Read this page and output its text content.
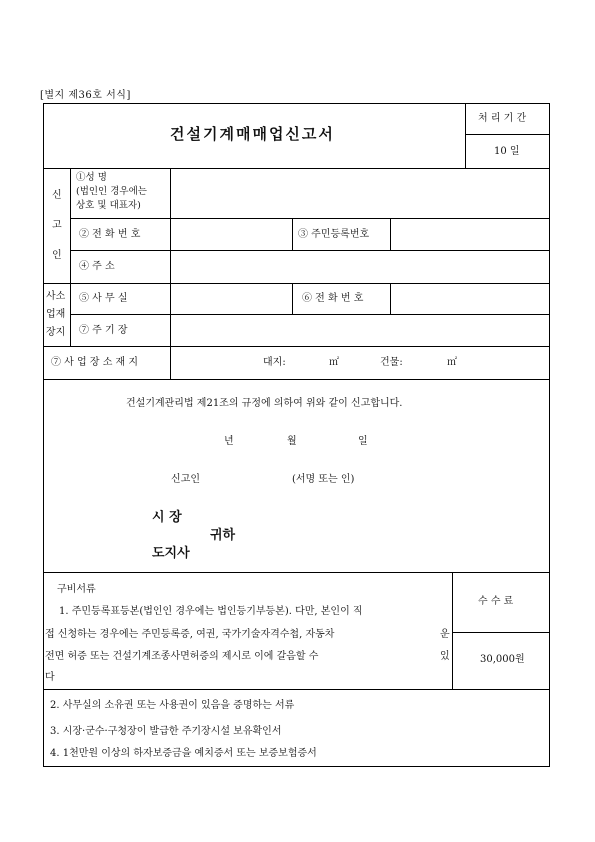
[별지 제36호 서식]
건설기계매매업신고서
처 리 기 간
10 일
신
고
인
①성 명
(법인인 경우에는
상호 및 대표자)
② 전 화 번 호	③ 주민등록번호
④ 주 소
사소
업재
장지
⑤ 사 무 실	⑥ 전 화 번 호
⑦ 주 기 장
⑦ 사 업 장 소 재 지	대지:	㎡	건물:	㎡
건설기계관리법 제21조의 규정에 의하여 위와 같이 신고합니다.
년	월	일
신고인	(서명 또는 인)
시 장
귀하
도지사
구비서류
1. 주민등록표등본(법인인 경우에는 법인등기부등본). 다만, 본인이 직
접 신청하는 경우에는 주민등록증, 여권, 국가기술자격수첩, 자동차	운
전면 허증 또는 건설기계조종사면허증의 제시로 이에 갈음할 수	있
다
2. 사무실의 소유권 또는 사용권이 있음을 증명하는 서류
3. 시장·군수·구청장이 발급한 주기장시설 보유확인서
4. 1천만원 이상의 하자보증금을 예치증서 또는 보증보험증서
수 수 료
30,000원
